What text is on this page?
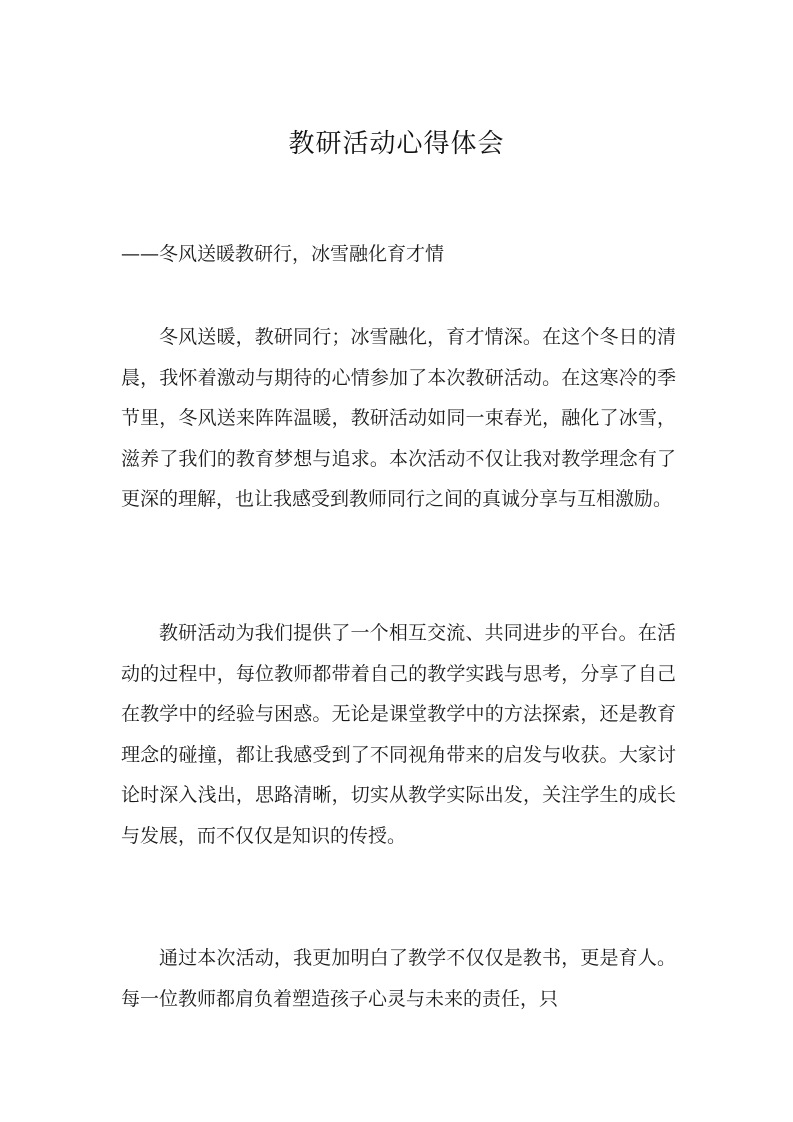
教研活动心得体会
——冬风送暖教研行，冰雪融化育才情

冬风送暖，教研同行；冰雪融化，育才情深。在这个冬日的清晨，我怀着激动与期待的心情参加了本次教研活动。在这寒冷的季节里，冬风送来阵阵温暖，教研活动如同一束春光，融化了冰雪，滋养了我们的教育梦想与追求。本次活动不仅让我对教学理念有了更深的理解，也让我感受到教师同行之间的真诚分享与互相激励。

教研活动为我们提供了一个相互交流、共同进步的平台。在活动的过程中，每位教师都带着自己的教学实践与思考，分享了自己在教学中的经验与困惑。无论是课堂教学中的方法探索，还是教育理念的碰撞，都让我感受到了不同视角带来的启发与收获。大家讨论时深入浅出，思路清晰，切实从教学实际出发，关注学生的成长与发展，而不仅仅是知识的传授。

通过本次活动，我更加明白了教学不仅仅是教书，更是育人。每一位教师都肩负着塑造孩子心灵与未来的责任，只
